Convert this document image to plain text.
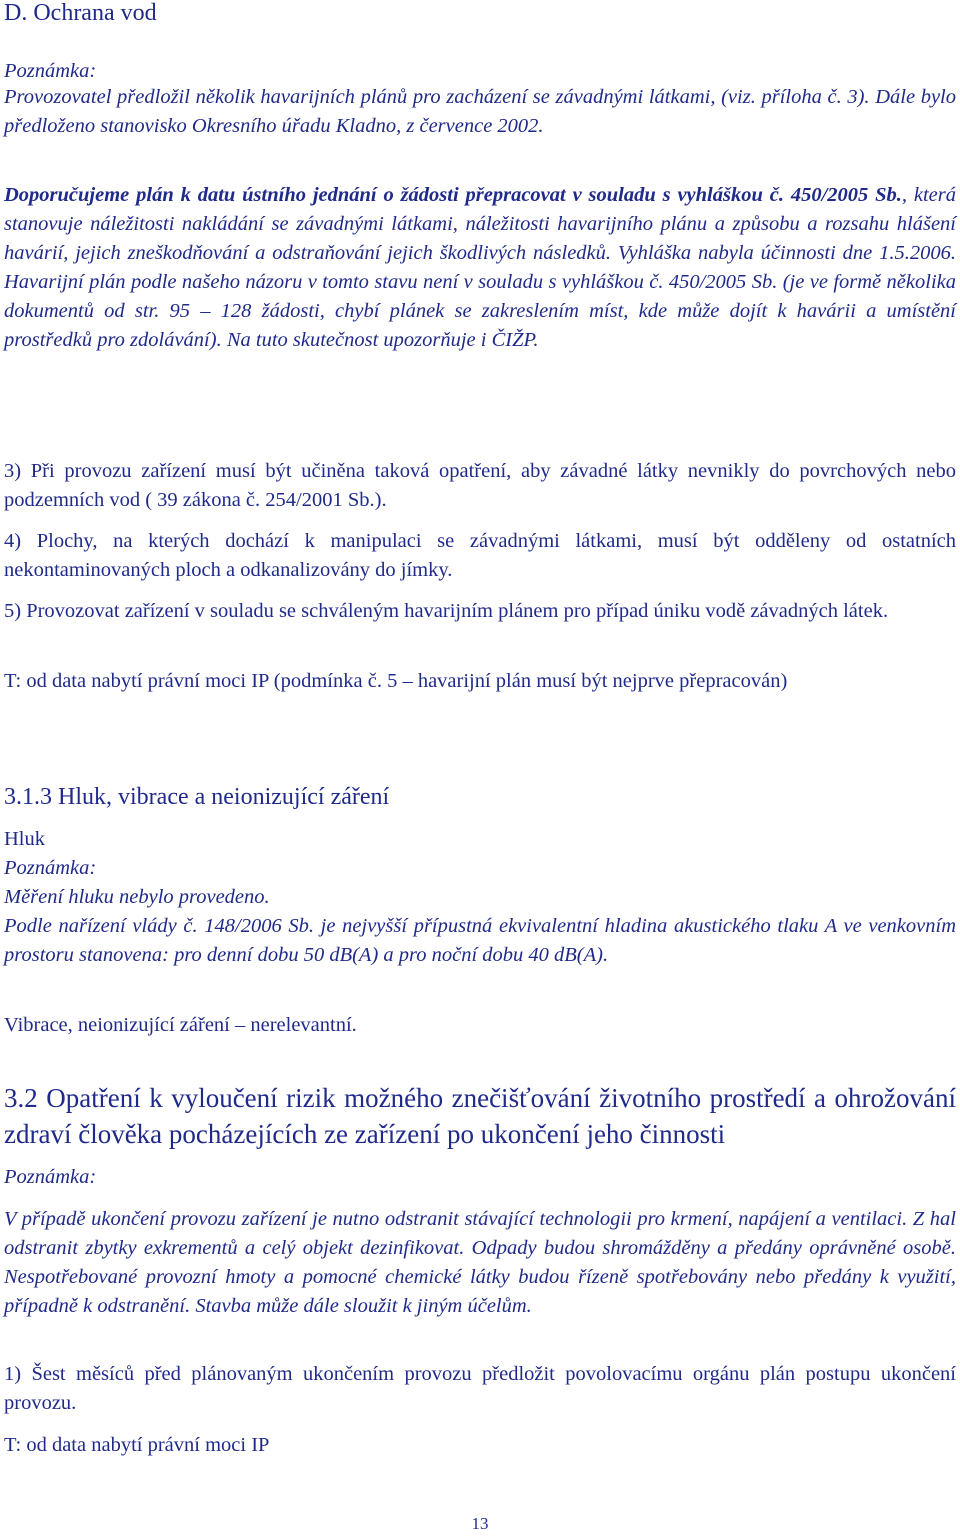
D. Ochrana vod

Poznámka:

Provozovatel předložil několik havarijních plánů pro zacházení se závadnými látkami, (viz. příloha č. 3). Dále bylo předloženo stanovisko Okresního úřadu Kladno, z července 2002.

Doporučujeme plán k datu ústního jednání o žádosti přepracovat v souladu s vyhláškou č. 450/2005 Sb., která stanovuje náležitosti nakládání se závadnými látkami, náležitosti havarijního plánu a způsobu a rozsahu hlášení havárií, jejich zneškodňování a odstraňování jejich škodlivých následků. Vyhláška nabyla účinnosti dne 1.5.2006. Havarijní plán podle našeho názoru v tomto stavu není v souladu s vyhláškou č. 450/2005 Sb. (je ve formě několika dokumentů od str. 95 – 128 žádosti, chybí plánek se zakreslením míst, kde může dojít k havárii a umístění prostředků pro zdolávání). Na tuto skutečnost upozorňuje i ČIŽP.

3) Při provozu zařízení musí být učiněna taková opatření, aby závadné látky nevnikly do povrchových nebo podzemních vod ( 39 zákona č. 254/2001 Sb.).

4) Plochy, na kterých dochází k manipulaci se závadnými látkami, musí být odděleny od ostatních nekontaminovaných ploch a odkanalizovány do jímky.

5) Provozovat zařízení v souladu se schváleným havarijním plánem pro případ úniku vodě závadných látek.

T: od data nabytí právní moci IP (podmínka č. 5 – havarijní plán musí být nejprve přepracován)

3.1.3 Hluk, vibrace a neionizující záření

Hluk

Poznámka:

Měření hluku nebylo provedeno.

Podle nařízení vlády č. 148/2006 Sb. je nejvyšší přípustná ekvivalentní hladina akustického tlaku A ve venkovním prostoru stanovena: pro denní dobu 50 dB(A) a pro noční dobu 40 dB(A).

Vibrace, neionizující záření – nerelevantní.

3.2 Opatření k vyloučení rizik možného znečišťování životního prostředí a ohrožování zdraví člověka pocházejících ze zařízení po ukončení jeho činnosti

Poznámka:

V případě ukončení provozu zařízení je nutno odstranit stávající technologii pro krmení, napájení a ventilaci. Z hal odstranit zbytky exkrementů a celý objekt dezinfikovat. Odpady budou shromážděny a předány oprávněné osobě. Nespotřebované provozní hmoty a pomocné chemické látky budou řízeně spotřebovány nebo předány k využití, případně k odstranění. Stavba může dále sloužit k jiným účelům.

1) Šest měsíců před plánovaným ukončením provozu předložit povolovacímu orgánu plán postupu ukončení provozu.

T: od data nabytí právní moci IP

13
